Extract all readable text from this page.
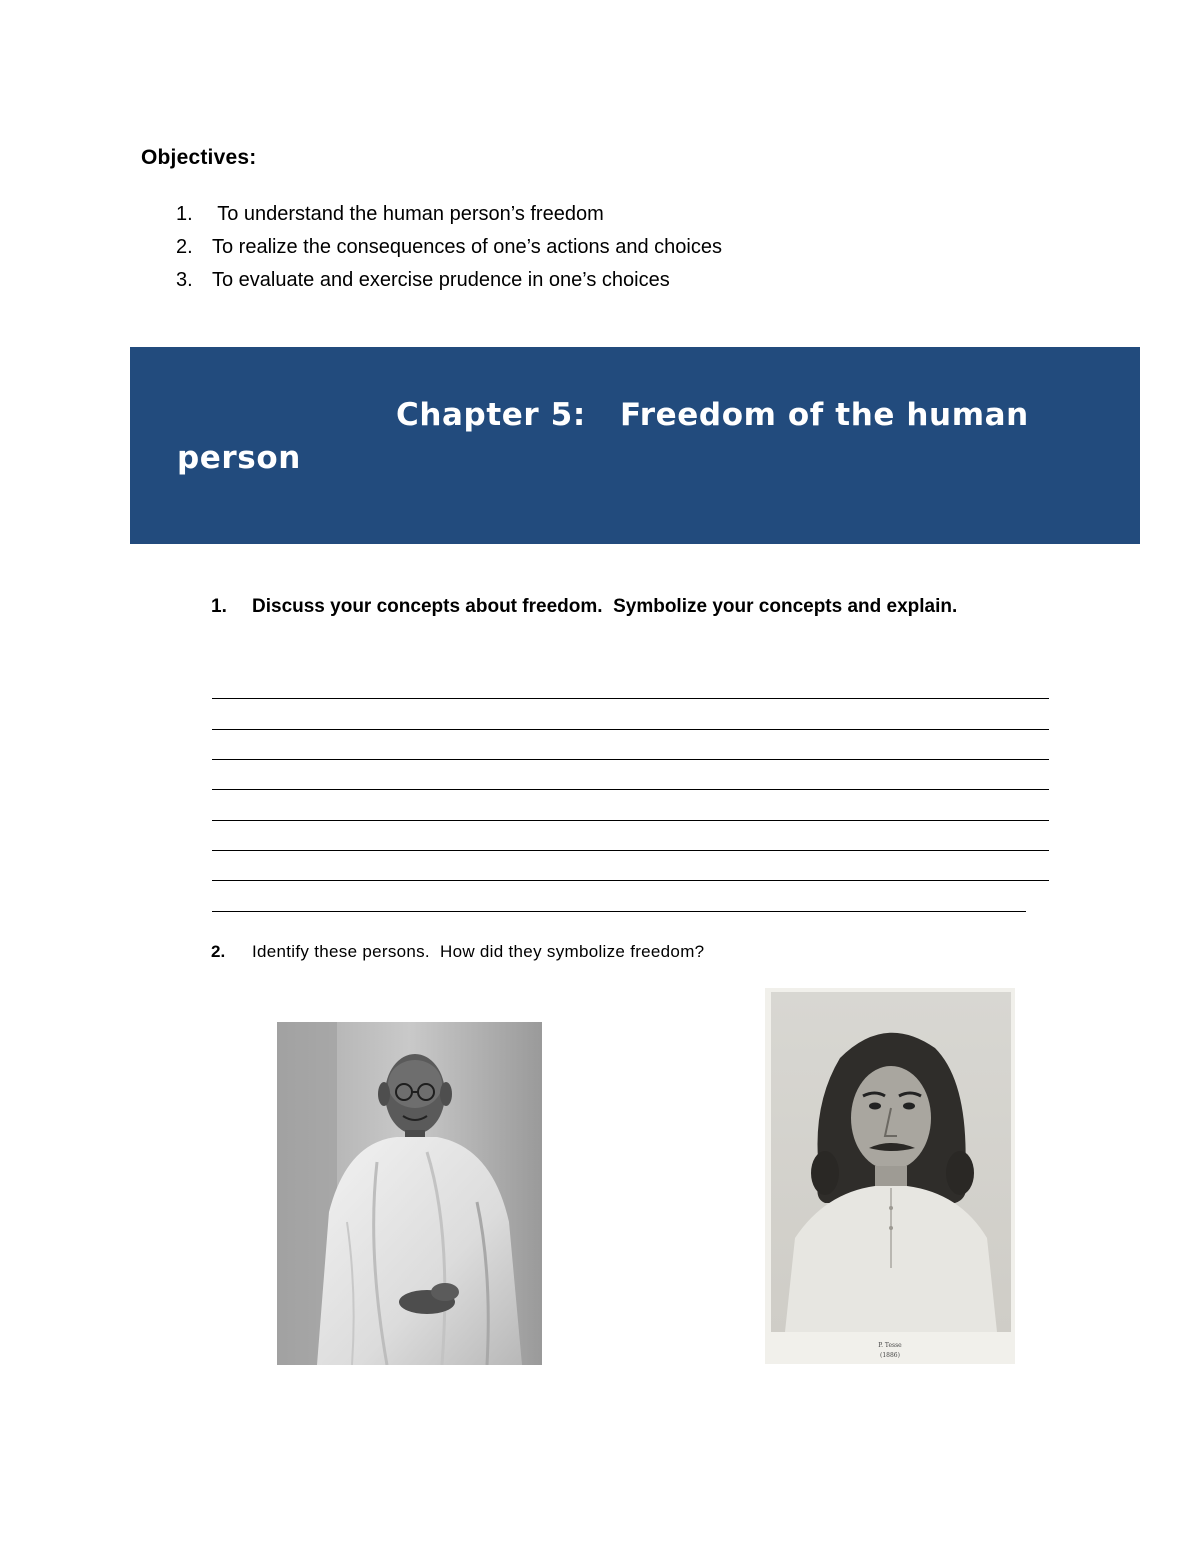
Objectives:
1. To understand the human person’s freedom
2. To realize the consequences of one’s actions and choices
3. To evaluate and exercise prudence in one’s choices
Chapter 5:   Freedom of the human
person
1. Discuss your concepts about freedom.  Symbolize your concepts and explain.
2. Identify these persons.  How did they symbolize freedom?
P. Tesse
(1886)
